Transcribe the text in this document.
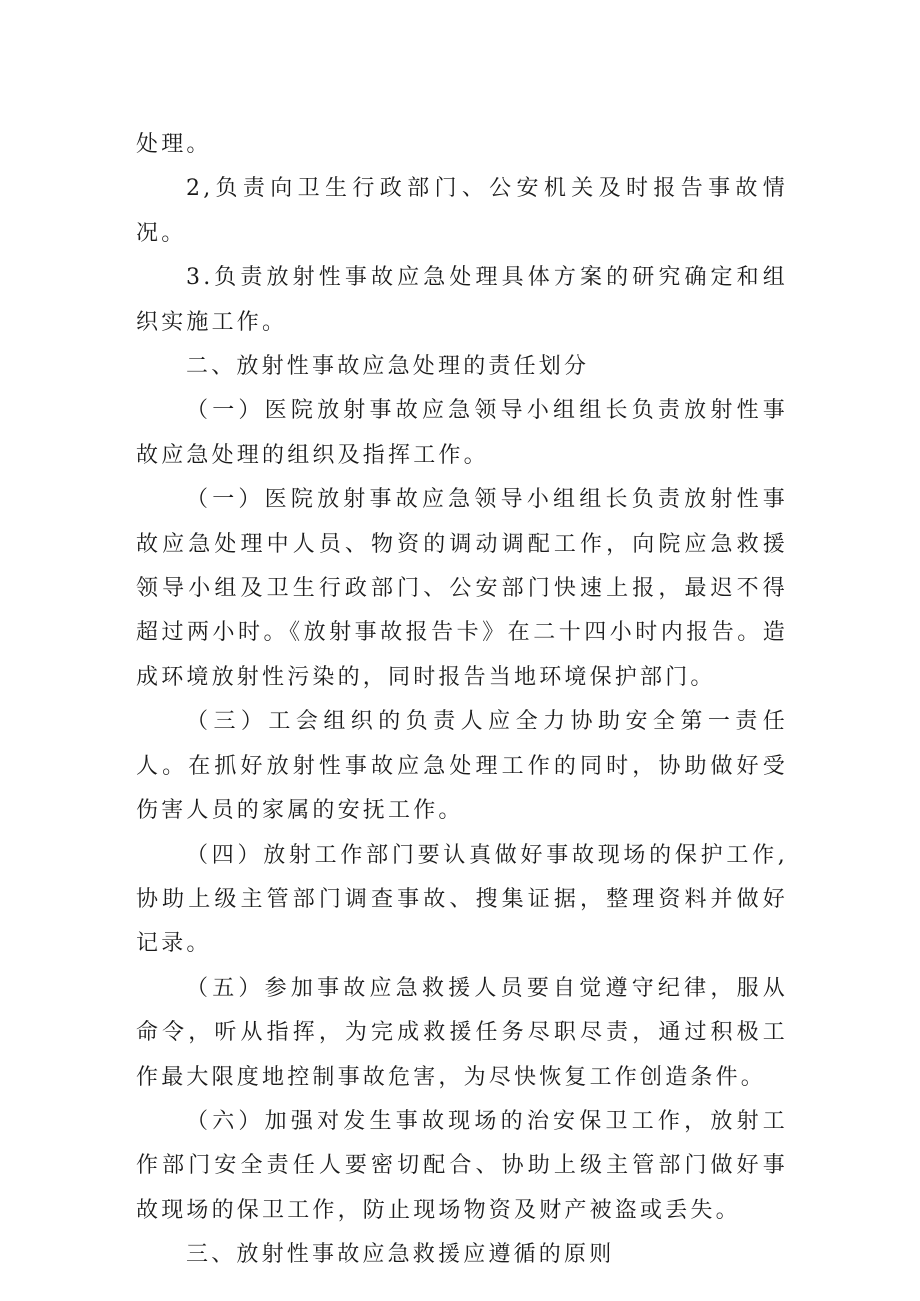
处理。

2,负责向卫生行政部门、公安机关及时报告事故情况。

3.负责放射性事故应急处理具体方案的研究确定和组织实施工作。

二、放射性事故应急处理的责任划分

（一）医院放射事故应急领导小组组长负责放射性事故应急处理的组织及指挥工作。

（一）医院放射事故应急领导小组组长负责放射性事故应急处理中人员、物资的调动调配工作，向院应急救援领导小组及卫生行政部门、公安部门快速上报，最迟不得超过两小时。《放射事故报告卡》在二十四小时内报告。造成环境放射性污染的，同时报告当地环境保护部门。

（三）工会组织的负责人应全力协助安全第一责任人。在抓好放射性事故应急处理工作的同时，协助做好受伤害人员的家属的安抚工作。

（四）放射工作部门要认真做好事故现场的保护工作,协助上级主管部门调查事故、搜集证据，整理资料并做好记录。

（五）参加事故应急救援人员要自觉遵守纪律，服从命令，听从指挥，为完成救援任务尽职尽责，通过积极工作最大限度地控制事故危害，为尽快恢复工作创造条件。

（六）加强对发生事故现场的治安保卫工作，放射工作部门安全责任人要密切配合、协助上级主管部门做好事故现场的保卫工作，防止现场物资及财产被盗或丢失。

三、放射性事故应急救援应遵循的原则
